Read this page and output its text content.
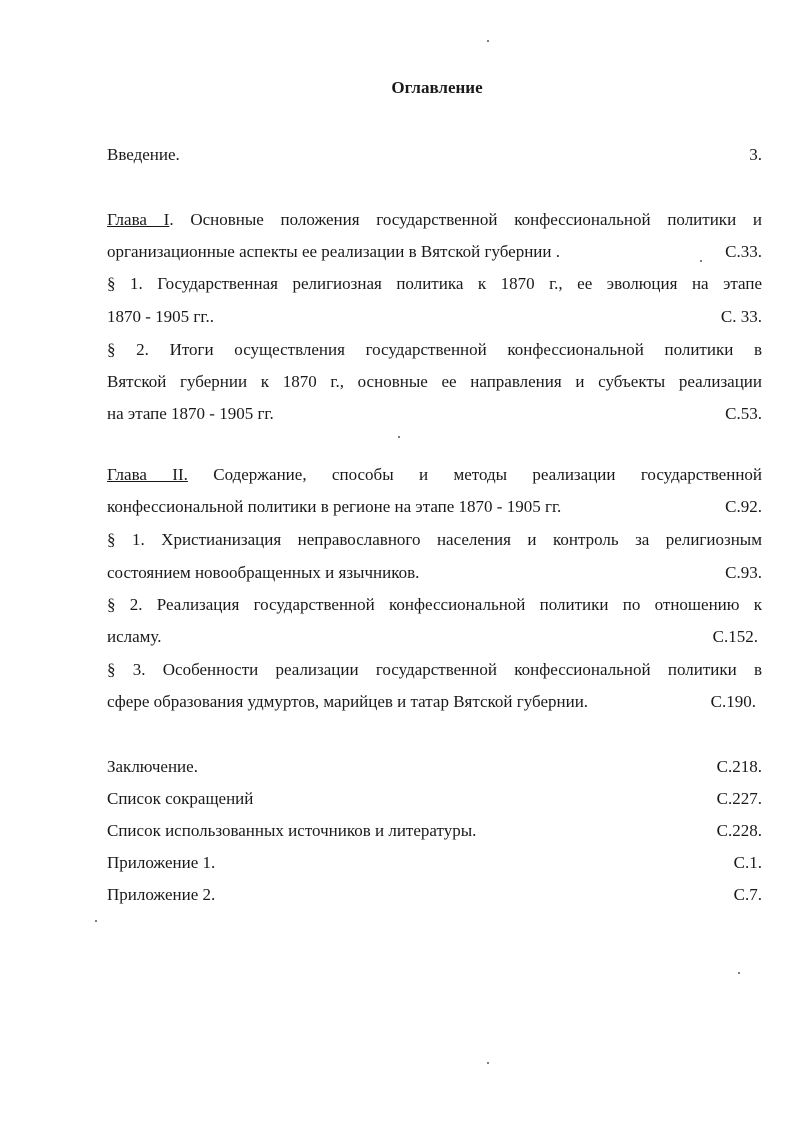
Оглавление
Введение.	3.
Глава I. Основные положения государственной конфессиональной политики и
организационные аспекты ее реализации в Вятской губернии .	С.33.
§ 1. Государственная религиозная политика к 1870 г., ее эволюция на этапе
1870 - 1905 гг..	С. 33.
§ 2. Итоги осуществления государственной конфессиональной политики в
Вятской губернии к 1870 г., основные ее направления и субъекты реализации
на этапе 1870 - 1905 гг.	С.53.
Глава II. Содержание, способы и методы реализации государственной
конфессиональной политики в регионе на этапе 1870 - 1905 гг.	С.92.
§ 1. Христианизация неправославного населения и контроль за религиозным
состоянием новообращенных и язычников.	С.93.
§ 2. Реализация государственной конфессиональной политики по отношению к
исламу.	С.152.
§ 3. Особенности реализации государственной конфессиональной политики в
сфере образования удмуртов, марийцев и татар Вятской губернии.	С.190.
Заключение.	С.218.
Список сокращений	С.227.
Список использованных источников и литературы.	С.228.
Приложение 1.	С.1.
Приложение 2.	С.7.
